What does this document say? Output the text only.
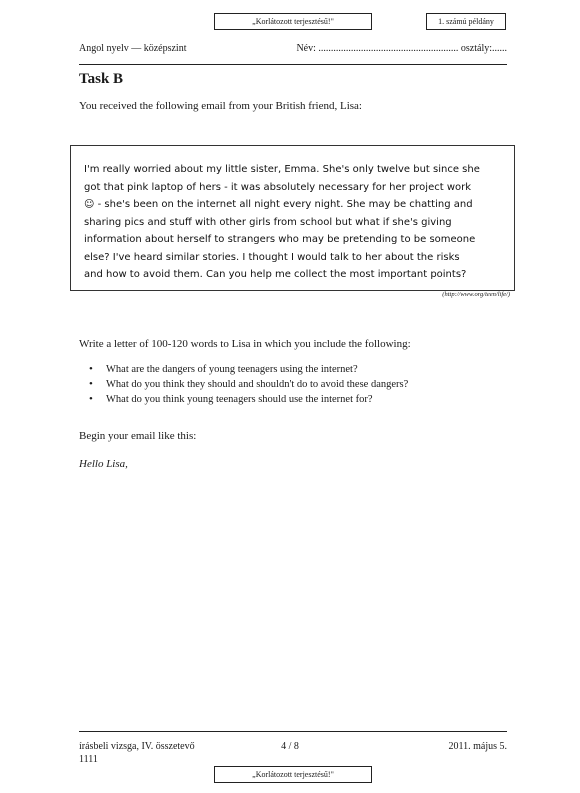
„Korlátozott terjesztésű!"	1. számú példány
Angol nyelv — középszint	Név: ........................................................ osztály:......
Task B
You received the following email from your British friend, Lisa:
I'm really worried about my little sister, Emma. She's only twelve but since she
got that pink laptop of hers - it was absolutely necessary for her project work
☺ - she's been on the internet all night every night. She may be chatting and
sharing pics and stuff with other girls from school but what if she's giving
information about herself to strangers who may be pretending to be someone
else? I've heard similar stories. I thought I would talk to her about the risks
and how to avoid them. Can you help me collect the most important points?
(http://www.org/teen/life/)
Write a letter of 100-120 words to Lisa in which you include the following:
• What are the dangers of young teenagers using the internet?
• What do you think they should and shouldn't do to avoid these dangers?
• What do you think young teenagers should use the internet for?
Begin your email like this:
Hello Lisa,
írásbeli vizsga, IV. összetevő
1111
4 / 8	2011. május 5.
„Korlátozott terjesztésű!"
